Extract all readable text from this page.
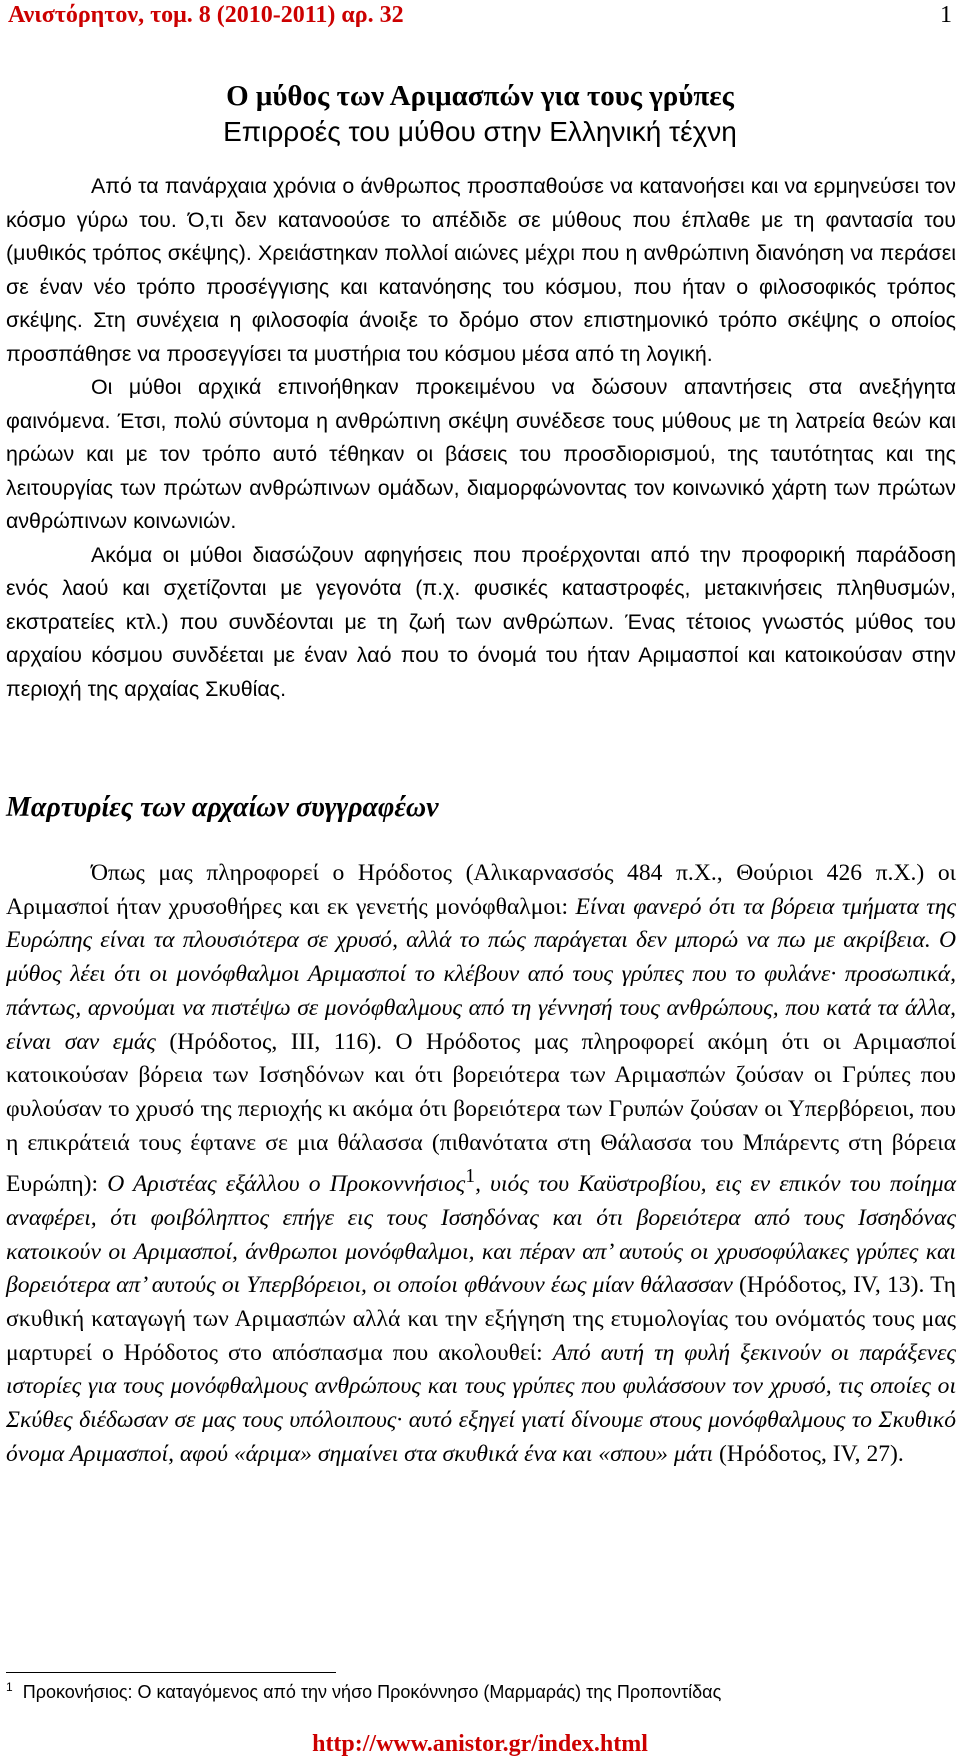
Ανιστόρητον, τομ. 8 (2010-2011) αρ. 32	1
Ο μύθος των Αριμασπών για τους γρύπες
Επιρροές του μύθου στην Ελληνική τέχνη

Από τα πανάρχαια χρόνια ο άνθρωπος προσπαθούσε να κατανοήσει και να ερμηνεύσει τον κόσμο γύρω του. Ό,τι δεν κατανοούσε το απέδιδε σε μύθους που έπλαθε με τη φαντασία του (μυθικός τρόπος σκέψης). Χρειάστηκαν πολλοί αιώνες μέχρι που η ανθρώπινη διανόηση να περάσει σε έναν νέο τρόπο προσέγγισης και κατανόησης του κόσμου, που ήταν ο φιλοσοφικός τρόπος σκέψης. Στη συνέχεια η φιλοσοφία άνοιξε το δρόμο στον επιστημονικό τρόπο σκέψης ο οποίος προσπάθησε να προσεγγίσει τα μυστήρια του κόσμου μέσα από τη λογική.

Οι μύθοι αρχικά επινοήθηκαν προκειμένου να δώσουν απαντήσεις στα ανεξήγητα φαινόμενα. Έτσι, πολύ σύντομα η ανθρώπινη σκέψη συνέδεσε τους μύθους με τη λατρεία θεών και ηρώων και με τον τρόπο αυτό τέθηκαν οι βάσεις του προσδιορισμού, της ταυτότητας και της λειτουργίας των πρώτων ανθρώπινων ομάδων, διαμορφώνοντας τον κοινωνικό χάρτη των πρώτων ανθρώπινων κοινωνιών.

Ακόμα οι μύθοι διασώζουν αφηγήσεις που προέρχονται από την προφορική παράδοση ενός λαού και σχετίζονται με γεγονότα (π.χ. φυσικές καταστροφές, μετακινήσεις πληθυσμών, εκστρατείες κτλ.) που συνδέονται με τη ζωή των ανθρώπων. Ένας τέτοιος γνωστός μύθος του αρχαίου κόσμου συνδέεται με έναν λαό που το όνομά του ήταν Αριμασποί και κατοικούσαν στην περιοχή της αρχαίας Σκυθίας.

Μαρτυρίες των αρχαίων συγγραφέων

Όπως μας πληροφορεί ο Ηρόδοτος (Αλικαρνασσός 484 π.Χ., Θούριοι 426 π.Χ.) οι Αριμασποί ήταν χρυσοθήρες και εκ γενετής μονόφθαλμοι: Είναι φανερό ότι τα βόρεια τμήματα της Ευρώπης είναι τα πλουσιότερα σε χρυσό, αλλά το πώς παράγεται δεν μπορώ να πω με ακρίβεια. Ο μύθος λέει ότι οι μονόφθαλμοι Αριμασποί το κλέβουν από τους γρύπες που το φυλάνε· προσωπικά, πάντως, αρνούμαι να πιστέψω σε μονόφθαλμους από τη γέννησή τους ανθρώπους, που κατά τα άλλα, είναι σαν εμάς (Ηρόδοτος, ΙΙΙ, 116). Ο Ηρόδοτος μας πληροφορεί ακόμη ότι οι Αριμασποί κατοικούσαν βόρεια των Ισσηδόνων και ότι βορειότερα των Αριμασπών ζούσαν οι Γρύπες που φυλούσαν το χρυσό της περιοχής κι ακόμα ότι βορειότερα των Γρυπών ζούσαν οι Υπερβόρειοι, που η επικράτειά τους έφτανε σε μια θάλασσα (πιθανότατα στη Θάλασσα του Μπάρεντς στη βόρεια Ευρώπη): Ο Αριστέας εξάλλου ο Προκοννήσιος$^1$, υιός του Καϋστροβίου, εις εν επικόν του ποίημα αναφέρει, ότι φοιβόληπτος επήγε εις τους Ισσηδόνας και ότι βορειότερα από τους Ισσηδόνας κατοικούν οι Αριμασποί, άνθρωποι μονόφθαλμοι, και πέραν απ’ αυτούς οι χρυσοφύλακες γρύπες και βορειότερα απ’ αυτούς οι Υπερβόρειοι, οι οποίοι φθάνουν έως μίαν θάλασσαν (Ηρόδοτος, IV, 13). Τη σκυθική καταγωγή των Αριμασπών αλλά και την εξήγηση της ετυμολογίας του ονόματός τους μας μαρτυρεί ο Ηρόδοτος στο απόσπασμα που ακολουθεί: Από αυτή τη φυλή ξεκινούν οι παράξενες ιστορίες για τους μονόφθαλμους ανθρώπους και τους γρύπες που φυλάσσουν τον χρυσό, τις οποίες οι Σκύθες διέδωσαν σε μας τους υπόλοιπους· αυτό εξηγεί γιατί δίνουμε στους μονόφθαλμους το Σκυθικό όνομα Αριμασποί, αφού «άριμα» σημαίνει στα σκυθικά ένα και «σπου» μάτι (Ηρόδοτος, IV, 27).

$^1$ Προκονήσιος: Ο καταγόμενος από την νήσο Προκόννησο (Μαρμαράς) της Προποντίδας
http://www.anistor.gr/index.html
